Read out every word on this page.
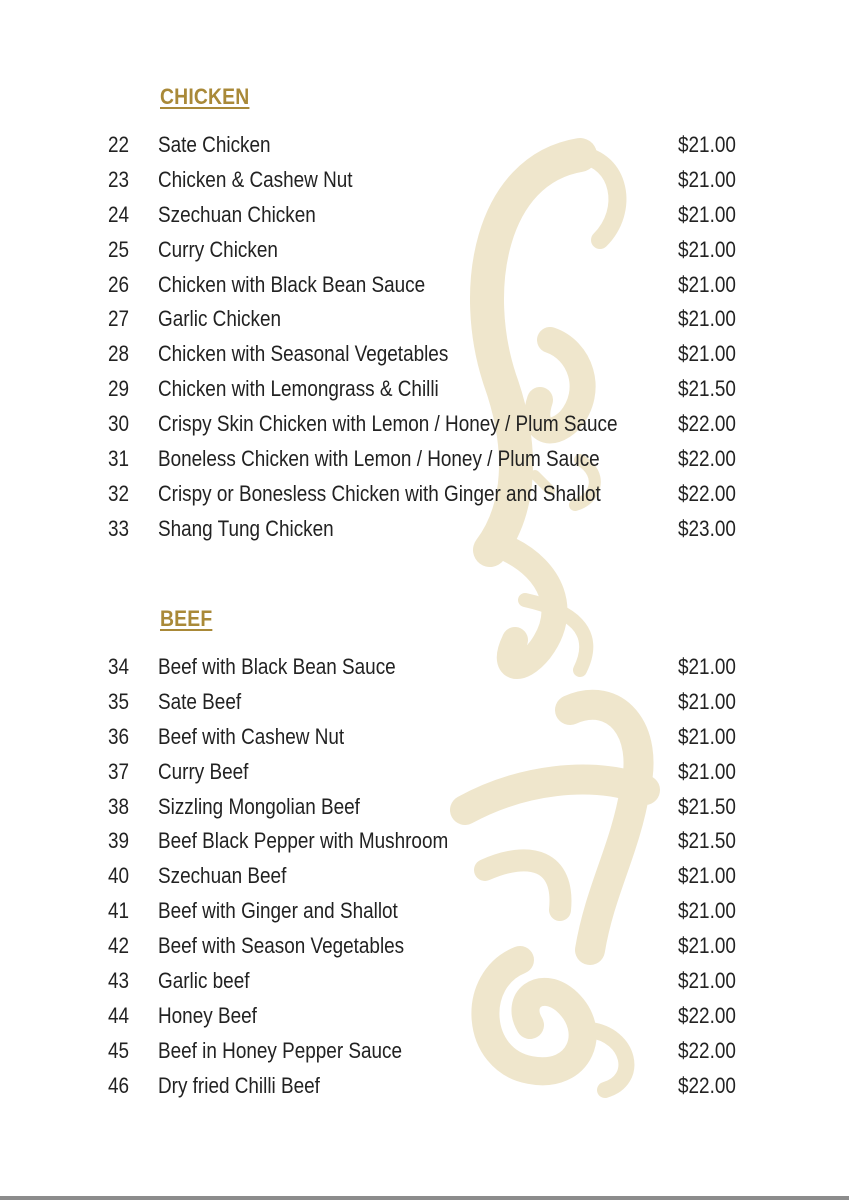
CHICKEN
22 Sate Chicken	$21.00
23 Chicken & Cashew Nut	$21.00
24 Szechuan Chicken	$21.00
25 Curry Chicken	$21.00
26 Chicken with Black Bean Sauce	$21.00
27 Garlic Chicken	$21.00
28 Chicken with Seasonal Vegetables	$21.00
29 Chicken with Lemongrass & Chilli	$21.50
30 Crispy Skin Chicken with Lemon / Honey / Plum Sauce	$22.00
31 Boneless Chicken with Lemon / Honey / Plum Sauce	$22.00
32 Crispy or Bonesless Chicken with Ginger and Shallot	$22.00
33 Shang Tung Chicken	$23.00
BEEF
34 Beef with Black Bean Sauce	$21.00
35 Sate Beef	$21.00
36 Beef with Cashew Nut	$21.00
37 Curry Beef	$21.00
38 Sizzling Mongolian Beef	$21.50
39 Beef Black Pepper with Mushroom	$21.50
40 Szechuan Beef	$21.00
41 Beef with Ginger and Shallot	$21.00
42 Beef with Season Vegetables	$21.00
43 Garlic beef	$21.00
44 Honey Beef	$22.00
45 Beef in Honey Pepper Sauce	$22.00
46 Dry fried Chilli Beef	$22.00
